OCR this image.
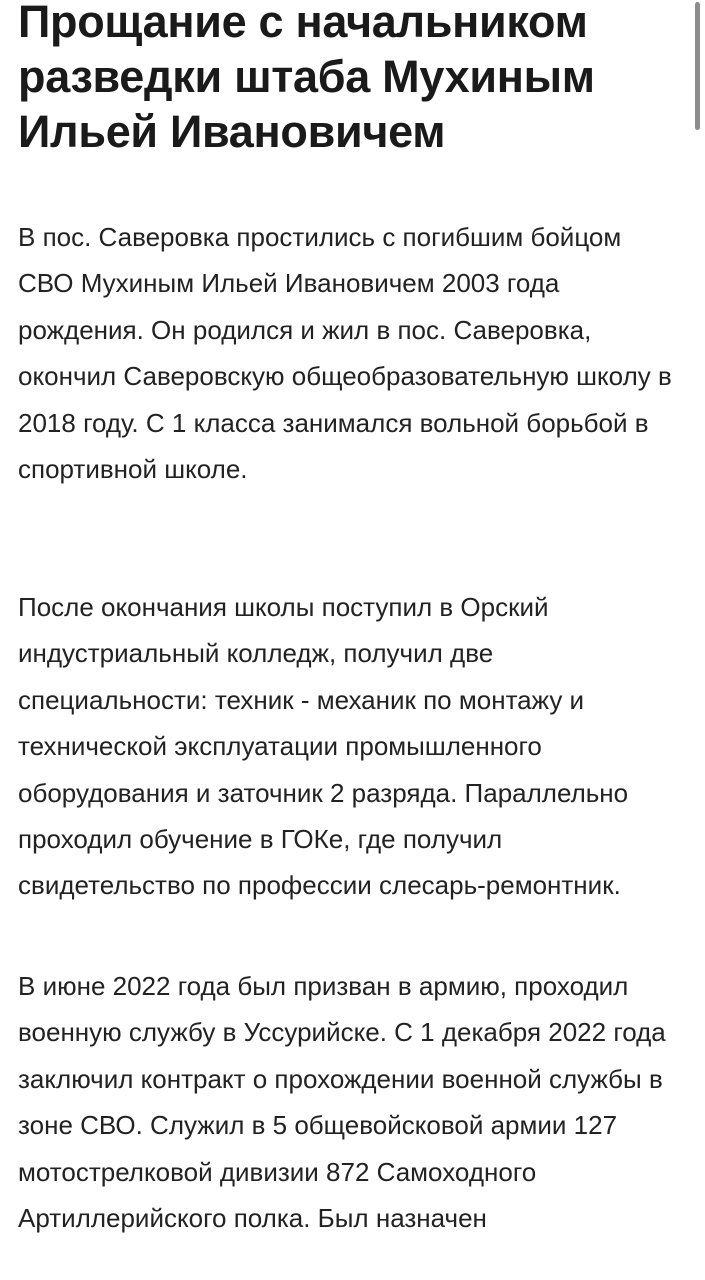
Прощание с начальником разведки штаба Мухиным Ильей Ивановичем

В пос. Саверовка простились с погибшим бойцом СВО Мухиным Ильей Ивановичем 2003 года рождения. Он родился и жил в пос. Саверовка, окончил Саверовскую общеобразовательную школу в 2018 году. С 1 класса занимался вольной борьбой в спортивной школе.

После окончания школы поступил в Орский индустриальный колледж, получил две специальности: техник - механик по монтажу и технической эксплуатации промышленного оборудования и заточник 2 разряда. Параллельно проходил обучение в ГОКе, где получил свидетельство по профессии слесарь-ремонтник.

В июне 2022 года был призван в армию, проходил военную службу в Уссурийске. С 1 декабря 2022 года заключил контракт о прохождении военной службы в зоне СВО. Служил в 5 общевойсковой армии 127 мотострелковой дивизии 872 Самоходного Артиллерийского полка. Был назначен
